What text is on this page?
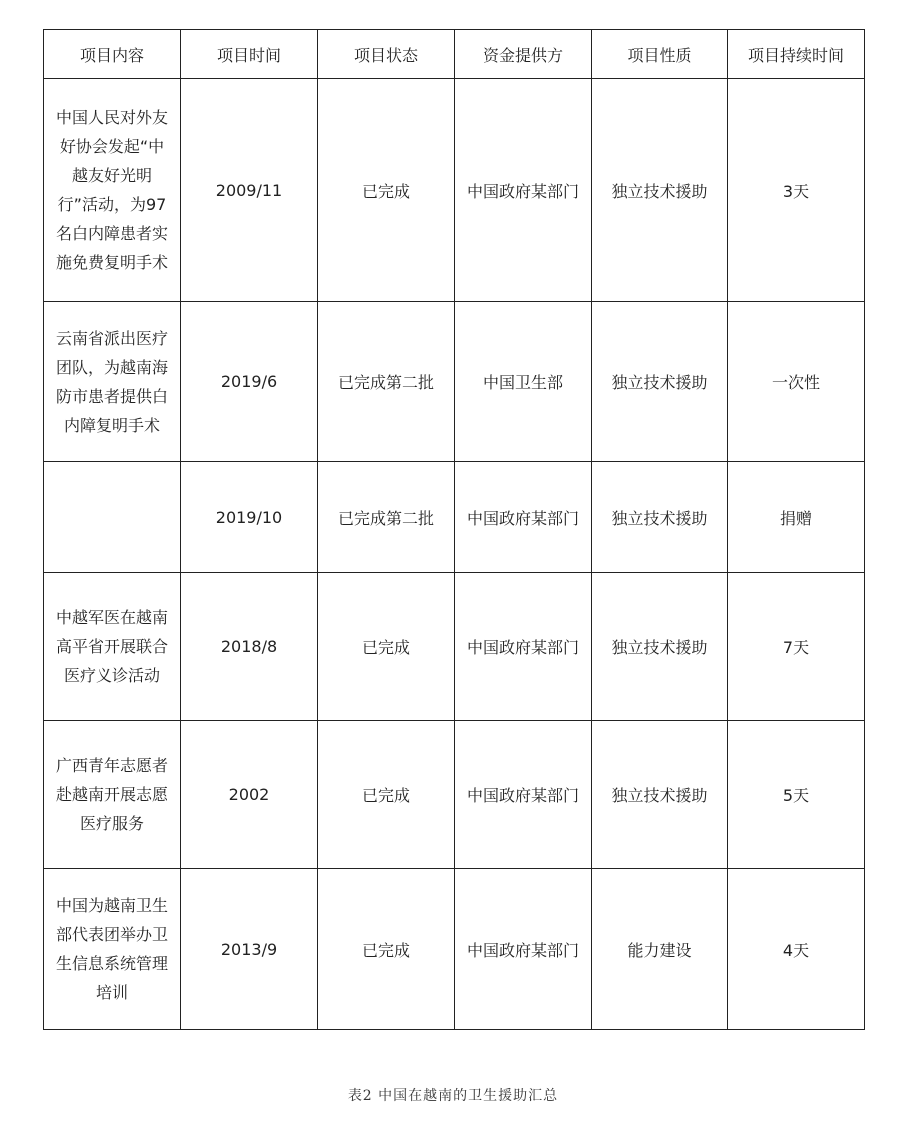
项目内容	项目时间	项目状态	资金提供方	项目性质	项目持续时间
中国人民对外友好协会发起“中越友好光明行”活动，为97名白内障患者实施免费复明手术	2009/11	已完成	中国政府某部门	独立技术援助	3天
云南省派出医疗团队，为越南海防市患者提供白内障复明手术	2019/6	已完成第二批	中国卫生部	独立技术援助	一次性
	2019/10	已完成第二批	中国政府某部门	独立技术援助	捐赠
中越军医在越南高平省开展联合医疗义诊活动	2018/8	已完成	中国政府某部门	独立技术援助	7天
广西青年志愿者赴越南开展志愿医疗服务	2002	已完成	中国政府某部门	独立技术援助	5天
中国为越南卫生部代表团举办卫生信息系统管理培训	2013/9	已完成	中国政府某部门	能力建设	4天
表2 中国在越南的卫生援助汇总
